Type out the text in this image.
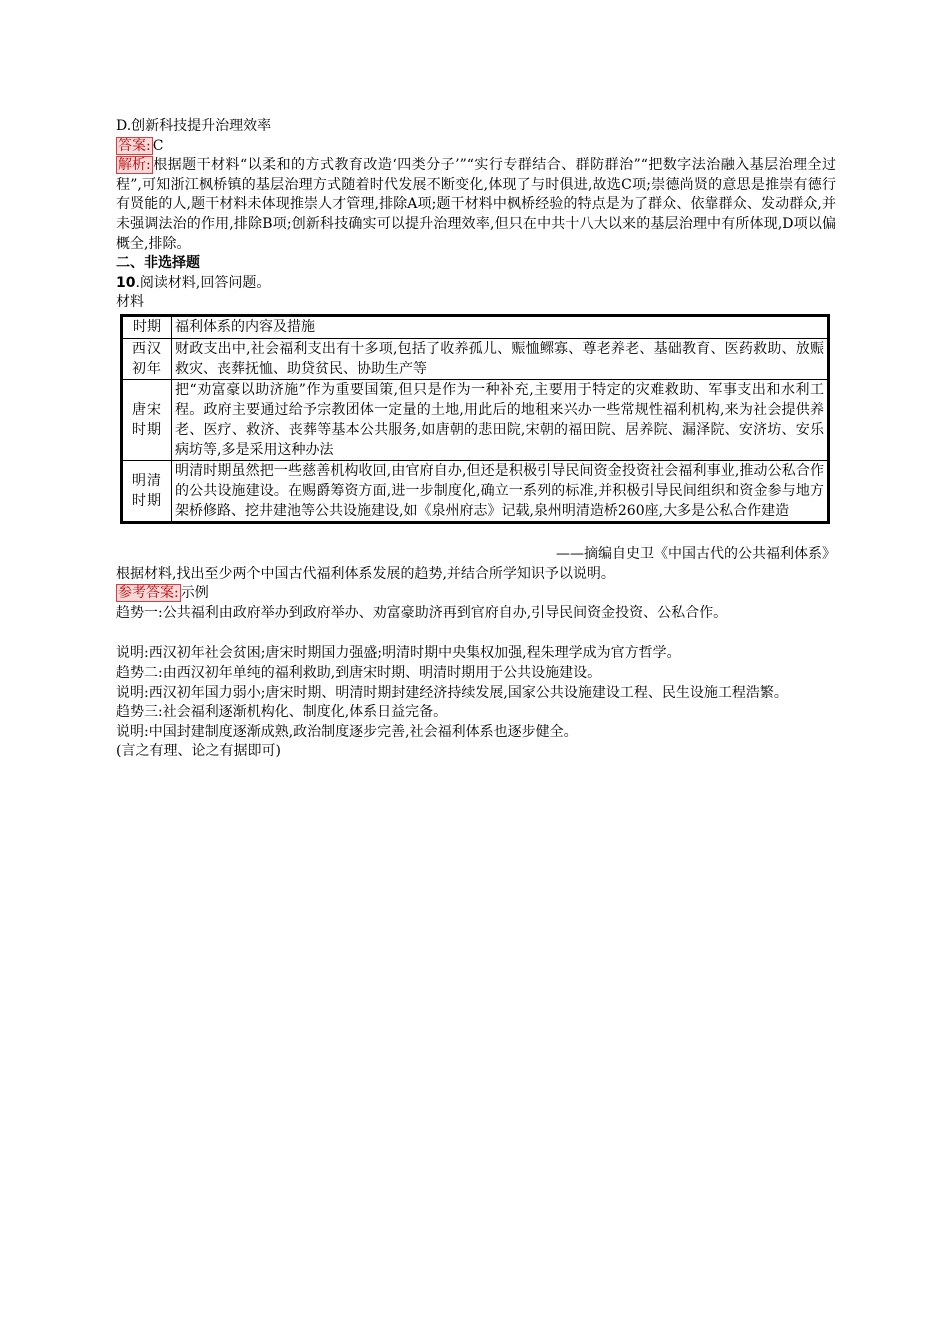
D.创新科技提升治理效率
答案: C
解析: 根据题干材料“以柔和的方式教育改造‘四类分子’”“实行专群结合、群防群治”“把数字法治融入基层治理全过程”,可知浙江枫桥镇的基层治理方式随着时代发展不断变化,体现了与时俱进,故选C项;崇德尚贤的意思是推崇有德行有贤能的人,题干材料未体现推崇人才管理,排除A项;题干材料中枫桥经验的特点是为了群众、依靠群众、发动群众,并未强调法治的作用,排除B项;创新科技确实可以提升治理效率,但只在中共十八大以来的基层治理中有所体现,D项以偏概全,排除。
二、非选择题
10.阅读材料,回答问题。
材料
时期	福利体系的内容及措施
西汉初年	财政支出中,社会福利支出有十多项,包括了收养孤儿、赈恤鳏寡、尊老养老、基础教育、医药救助、放赈救灾、丧葬抚恤、助贷贫民、协助生产等
唐宋时期	把“劝富豪以助济施”作为重要国策,但只是作为一种补充,主要用于特定的灾难救助、军事支出和水利工程。政府主要通过给予宗教团体一定量的土地,用此后的地租来兴办一些常规性福利机构,来为社会提供养老、医疗、救济、丧葬等基本公共服务,如唐朝的悲田院,宋朝的福田院、居养院、漏泽院、安济坊、安乐病坊等,多是采用这种办法
明清时期	明清时期虽然把一些慈善机构收回,由官府自办,但还是积极引导民间资金投资社会福利事业,推动公私合作的公共设施建设。在赐爵筹资方面,进一步制度化,确立一系列的标准,并积极引导民间组织和资金参与地方架桥修路、挖井建池等公共设施建设,如《泉州府志》记载,泉州明清造桥260座,大多是公私合作建造
——摘编自史卫《中国古代的公共福利体系》
根据材料,找出至少两个中国古代福利体系发展的趋势,并结合所学知识予以说明。
参考答案: 示例
趋势一:公共福利由政府举办到政府举办、劝富豪助济再到官府自办,引导民间资金投资、公私合作。
说明:西汉初年社会贫困;唐宋时期国力强盛;明清时期中央集权加强,程朱理学成为官方哲学。
趋势二:由西汉初年单纯的福利救助,到唐宋时期、明清时期用于公共设施建设。
说明:西汉初年国力弱小;唐宋时期、明清时期封建经济持续发展,国家公共设施建设工程、民生设施工程浩繁。
趋势三:社会福利逐渐机构化、制度化,体系日益完备。
说明:中国封建制度逐渐成熟,政治制度逐步完善,社会福利体系也逐步健全。
(言之有理、论之有据即可)
